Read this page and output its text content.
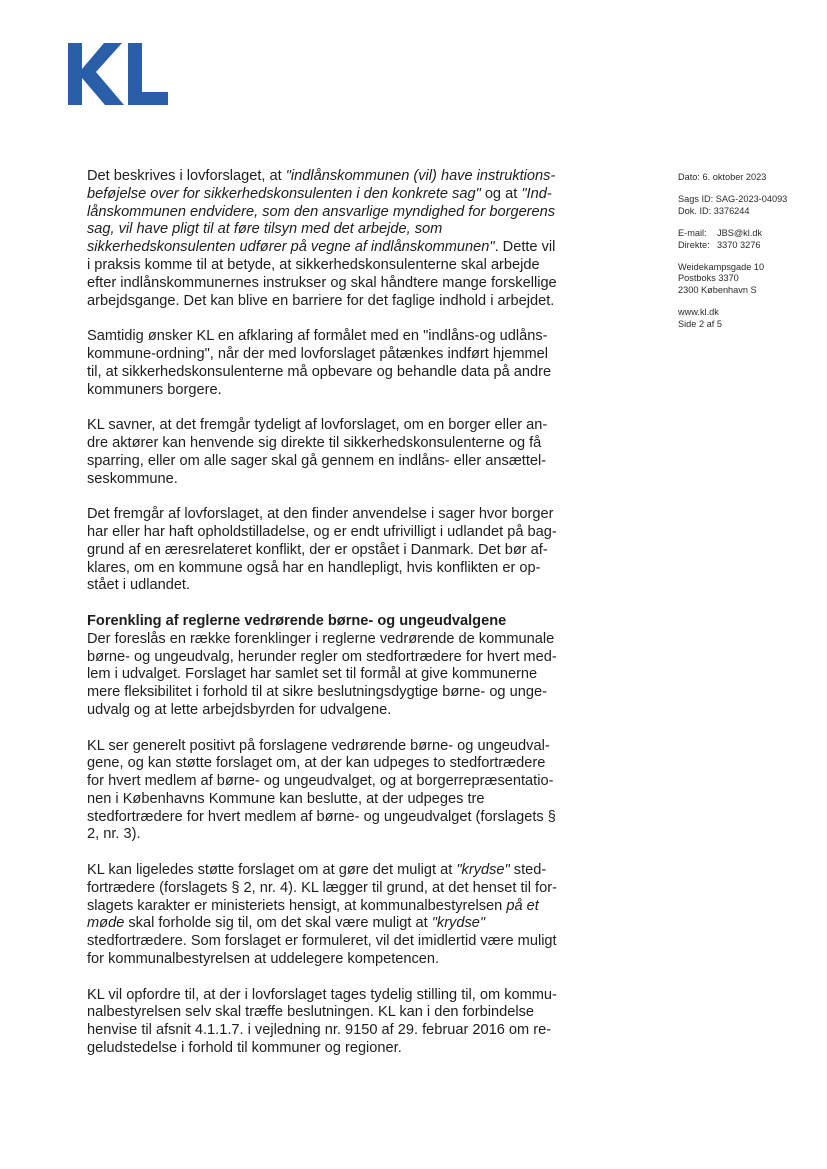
Det beskrives i lovforslaget, at "indlånskommunen (vil) have instruktionsbeføjelse over for sikkerhedskonsulenten i den konkrete sag" og at "Indlånskommunen endvidere, som den ansvarlige myndighed for borgerens sag, vil have pligt til at føre tilsyn med det arbejde, som sikkerhedskonsulenten udfører på vegne af indlånskommunen". Dette vil i praksis komme til at betyde, at sikkerhedskonsulenterne skal arbejde efter indlånskommunernes instrukser og skal håndtere mange forskellige arbejdsgange. Det kan blive en barriere for det faglige indhold i arbejdet.

Samtidig ønsker KL en afklaring af formålet med en "indlåns-og udlånskommune-ordning", når der med lovforslaget påtænkes indført hjemmel til, at sikkerhedskonsulenterne må opbevare og behandle data på andre kommuners borgere.

KL savner, at det fremgår tydeligt af lovforslaget, om en borger eller andre aktører kan henvende sig direkte til sikkerhedskonsulenterne og få sparring, eller om alle sager skal gå gennem en indlåns- eller ansættelseskommune.

Det fremgår af lovforslaget, at den finder anvendelse i sager hvor borger har eller har haft opholdstilladelse, og er endt ufrivilligt i udlandet på baggrund af en æresrelateret konflikt, der er opstået i Danmark. Det bør afklares, om en kommune også har en handlepligt, hvis konflikten er opstået i udlandet.

Forenkling af reglerne vedrørende børne- og ungeudvalgene

Der foreslås en række forenklinger i reglerne vedrørende de kommunale børne- og ungeudvalg, herunder regler om stedfortrædere for hvert medlem i udvalget. Forslaget har samlet set til formål at give kommunerne mere fleksibilitet i forhold til at sikre beslutningsdygtige børne- og ungeudvalg og at lette arbejdsbyrden for udvalgene.

KL ser generelt positivt på forslagene vedrørende børne- og ungeudvalgene, og kan støtte forslaget om, at der kan udpeges to stedfortrædere for hvert medlem af børne- og ungeudvalget, og at borgerrepræsentationen i Københavns Kommune kan beslutte, at der udpeges tre stedfortrædere for hvert medlem af børne- og ungeudvalget (forslagets § 2, nr. 3).

KL kan ligeledes støtte forslaget om at gøre det muligt at "krydse" stedfortrædere (forslagets § 2, nr. 4). KL lægger til grund, at det henset til forslagets karakter er ministeriets hensigt, at kommunalbestyrelsen på et møde skal forholde sig til, om det skal være muligt at "krydse" stedfortrædere. Som forslaget er formuleret, vil det imidlertid være muligt for kommunalbestyrelsen at uddelegere kompetencen.

KL vil opfordre til, at der i lovforslaget tages tydelig stilling til, om kommunalbestyrelsen selv skal træffe beslutningen. KL kan i den forbindelse henvise til afsnit 4.1.1.7. i vejledning nr. 9150 af 29. februar 2016 om regeludstedelse i forhold til kommuner og regioner.

Dato: 6. oktober 2023
Sags ID: SAG-2023-04093
Dok. ID: 3376244
E-mail: JBS@kl.dk
Direkte: 3370 3276
Weidekampsgade 10
Postboks 3370
2300 København S
www.kl.dk
Side 2 af 5
